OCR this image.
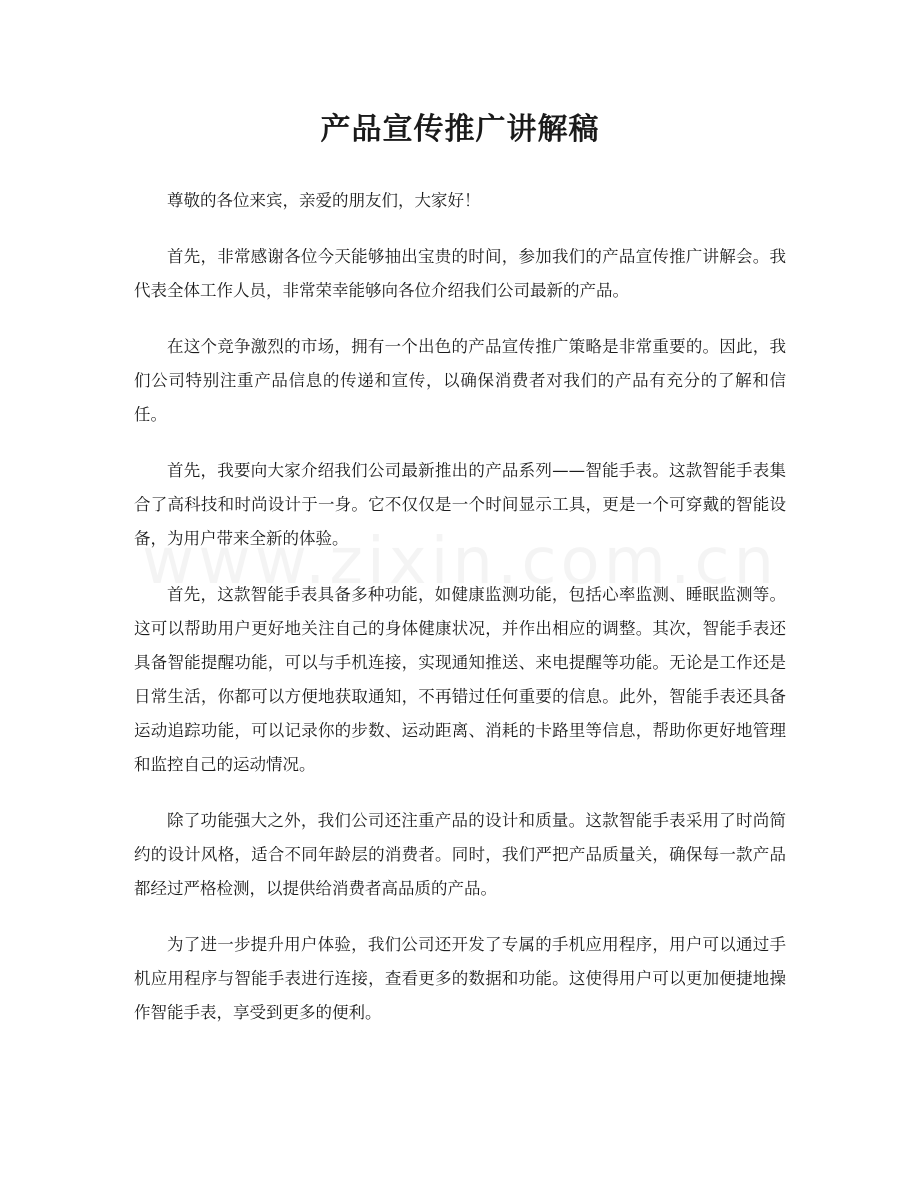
产品宣传推广讲解稿

尊敬的各位来宾，亲爱的朋友们，大家好！

首先，非常感谢各位今天能够抽出宝贵的时间，参加我们的产品宣传推广讲解会。我代表全体工作人员，非常荣幸能够向各位介绍我们公司最新的产品。

在这个竞争激烈的市场，拥有一个出色的产品宣传推广策略是非常重要的。因此，我们公司特别注重产品信息的传递和宣传，以确保消费者对我们的产品有充分的了解和信任。

首先，我要向大家介绍我们公司最新推出的产品系列——智能手表。这款智能手表集合了高科技和时尚设计于一身。它不仅仅是一个时间显示工具，更是一个可穿戴的智能设备，为用户带来全新的体验。

首先，这款智能手表具备多种功能，如健康监测功能，包括心率监测、睡眠监测等。这可以帮助用户更好地关注自己的身体健康状况，并作出相应的调整。其次，智能手表还具备智能提醒功能，可以与手机连接，实现通知推送、来电提醒等功能。无论是工作还是日常生活，你都可以方便地获取通知，不再错过任何重要的信息。此外，智能手表还具备运动追踪功能，可以记录你的步数、运动距离、消耗的卡路里等信息，帮助你更好地管理和监控自己的运动情况。

除了功能强大之外，我们公司还注重产品的设计和质量。这款智能手表采用了时尚简约的设计风格，适合不同年龄层的消费者。同时，我们严把产品质量关，确保每一款产品都经过严格检测，以提供给消费者高品质的产品。

为了进一步提升用户体验，我们公司还开发了专属的手机应用程序，用户可以通过手机应用程序与智能手表进行连接，查看更多的数据和功能。这使得用户可以更加便捷地操作智能手表，享受到更多的便利。
